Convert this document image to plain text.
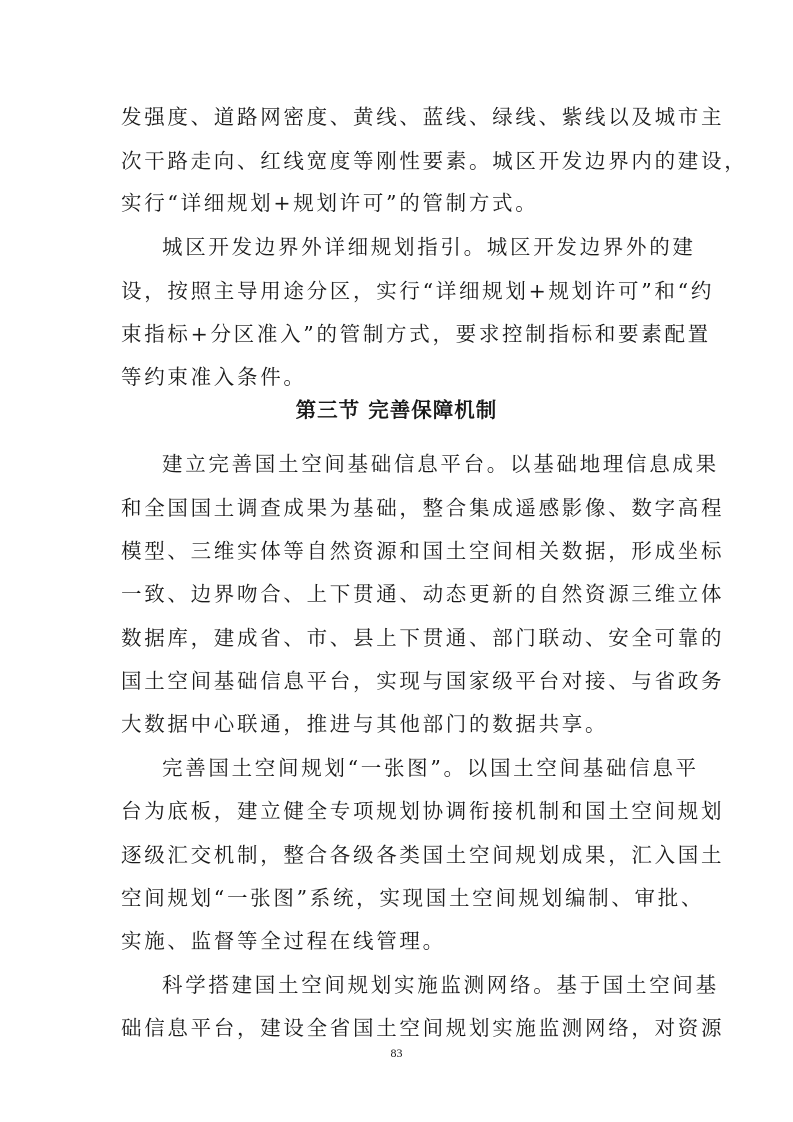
发强度、道路网密度、黄线、蓝线、绿线、紫线以及城市主
次干路走向、红线宽度等刚性要素。城区开发边界内的建设，
实行“详细规划+规划许可”的管制方式。
城区开发边界外详细规划指引。城区开发边界外的建
设，按照主导用途分区，实行“详细规划+规划许可”和“约
束指标+分区准入”的管制方式，要求控制指标和要素配置
等约束准入条件。
第三节 完善保障机制
建立完善国土空间基础信息平台。以基础地理信息成果
和全国国土调查成果为基础，整合集成遥感影像、数字高程
模型、三维实体等自然资源和国土空间相关数据，形成坐标
一致、边界吻合、上下贯通、动态更新的自然资源三维立体
数据库，建成省、市、县上下贯通、部门联动、安全可靠的
国土空间基础信息平台，实现与国家级平台对接、与省政务
大数据中心联通，推进与其他部门的数据共享。
完善国土空间规划“一张图”。以国土空间基础信息平
台为底板，建立健全专项规划协调衔接机制和国土空间规划
逐级汇交机制，整合各级各类国土空间规划成果，汇入国土
空间规划“一张图”系统，实现国土空间规划编制、审批、
实施、监督等全过程在线管理。
科学搭建国土空间规划实施监测网络。基于国土空间基
础信息平台，建设全省国土空间规划实施监测网络，对资源
83
